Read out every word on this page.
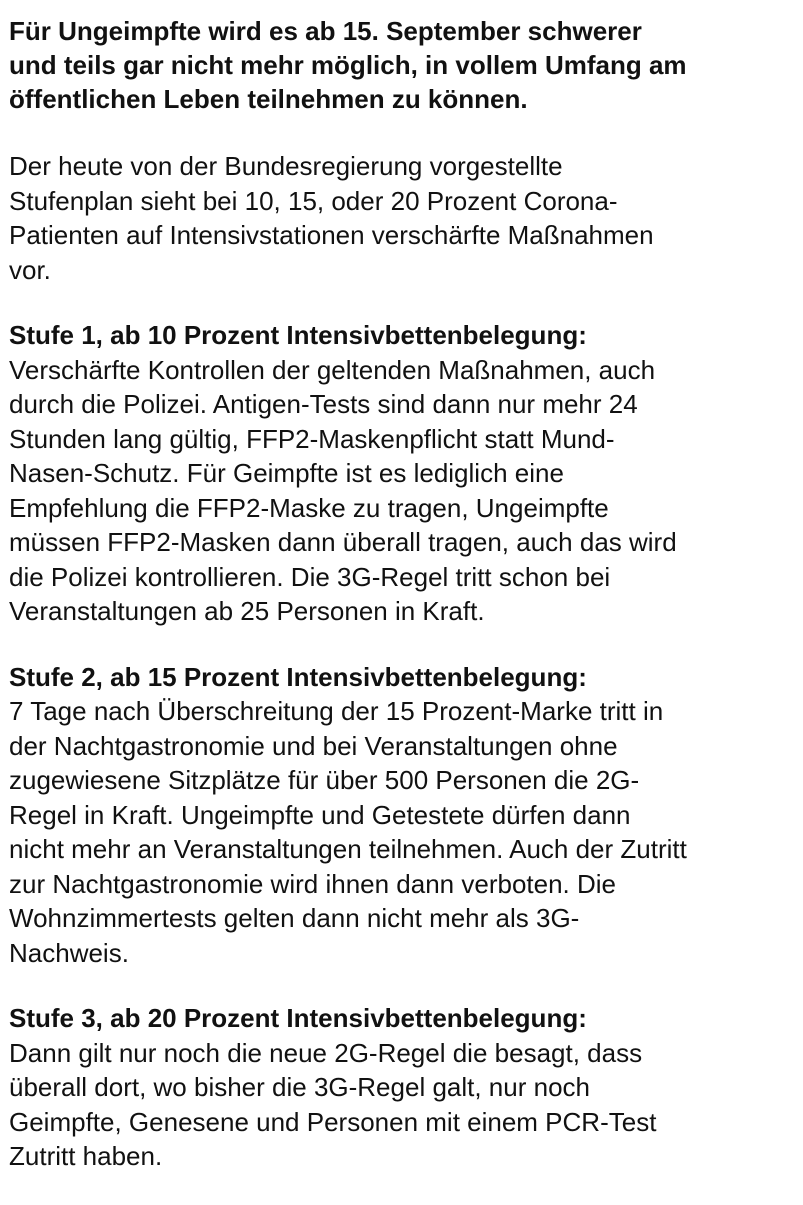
Für Ungeimpfte wird es ab 15. September schwerer
und teils gar nicht mehr möglich, in vollem Umfang am
öffentlichen Leben teilnehmen zu können.
Der heute von der Bundesregierung vorgestellte
Stufenplan sieht bei 10, 15, oder 20 Prozent Corona-
Patienten auf Intensivstationen verschärfte Maßnahmen
vor.
Stufe 1, ab 10 Prozent Intensivbettenbelegung:
Verschärfte Kontrollen der geltenden Maßnahmen, auch
durch die Polizei. Antigen-Tests sind dann nur mehr 24
Stunden lang gültig, FFP2-Maskenpflicht statt Mund-
Nasen-Schutz. Für Geimpfte ist es lediglich eine
Empfehlung die FFP2-Maske zu tragen, Ungeimpfte
müssen FFP2-Masken dann überall tragen, auch das wird
die Polizei kontrollieren. Die 3G-Regel tritt schon bei
Veranstaltungen ab 25 Personen in Kraft.
Stufe 2, ab 15 Prozent Intensivbettenbelegung:
7 Tage nach Überschreitung der 15 Prozent-Marke tritt in
der Nachtgastronomie und bei Veranstaltungen ohne
zugewiesene Sitzplätze für über 500 Personen die 2G-
Regel in Kraft. Ungeimpfte und Getestete dürfen dann
nicht mehr an Veranstaltungen teilnehmen. Auch der Zutritt
zur Nachtgastronomie wird ihnen dann verboten. Die
Wohnzimmertests gelten dann nicht mehr als 3G-
Nachweis.
Stufe 3, ab 20 Prozent Intensivbettenbelegung:
Dann gilt nur noch die neue 2G-Regel die besagt, dass
überall dort, wo bisher die 3G-Regel galt, nur noch
Geimpfte, Genesene und Personen mit einem PCR-Test
Zutritt haben.
